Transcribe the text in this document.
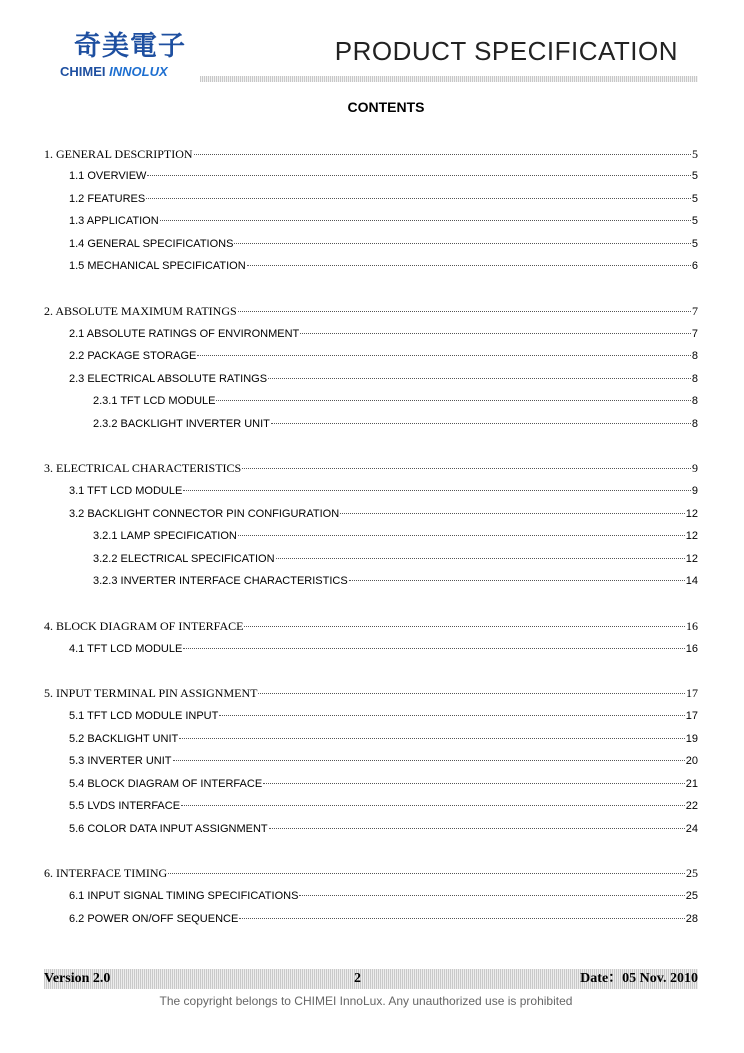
奇美電子
CHIMEI INNOLUX
PRODUCT SPECIFICATION
CONTENTS
1. GENERAL DESCRIPTION	5
1.1 OVERVIEW	5
1.2 FEATURES	5
1.3 APPLICATION	5
1.4 GENERAL SPECIFICATIONS	5
1.5 MECHANICAL SPECIFICATION	6
2. ABSOLUTE MAXIMUM RATINGS	7
2.1 ABSOLUTE RATINGS OF ENVIRONMENT	7
2.2 PACKAGE STORAGE	8
2.3 ELECTRICAL ABSOLUTE RATINGS	8
2.3.1 TFT LCD MODULE	8
2.3.2 BACKLIGHT INVERTER UNIT	8
3. ELECTRICAL CHARACTERISTICS	9
3.1 TFT LCD MODULE	9
3.2 BACKLIGHT CONNECTOR PIN CONFIGURATION	12
3.2.1 LAMP SPECIFICATION	12
3.2.2 ELECTRICAL SPECIFICATION	12
3.2.3 INVERTER INTERFACE CHARACTERISTICS	14
4. BLOCK DIAGRAM OF INTERFACE	16
4.1 TFT LCD MODULE	16
5. INPUT TERMINAL PIN ASSIGNMENT	17
5.1 TFT LCD MODULE INPUT	17
5.2 BACKLIGHT UNIT	19
5.3 INVERTER UNIT	20
5.4 BLOCK DIAGRAM OF INTERFACE	21
5.5 LVDS INTERFACE	22
5.6 COLOR DATA INPUT ASSIGNMENT	24
6. INTERFACE TIMING	25
6.1 INPUT SIGNAL TIMING SPECIFICATIONS	25
6.2 POWER ON/OFF SEQUENCE	28
Version 2.0	2	Date：05 Nov. 2010
The copyright belongs to CHIMEI InnoLux. Any unauthorized use is prohibited
